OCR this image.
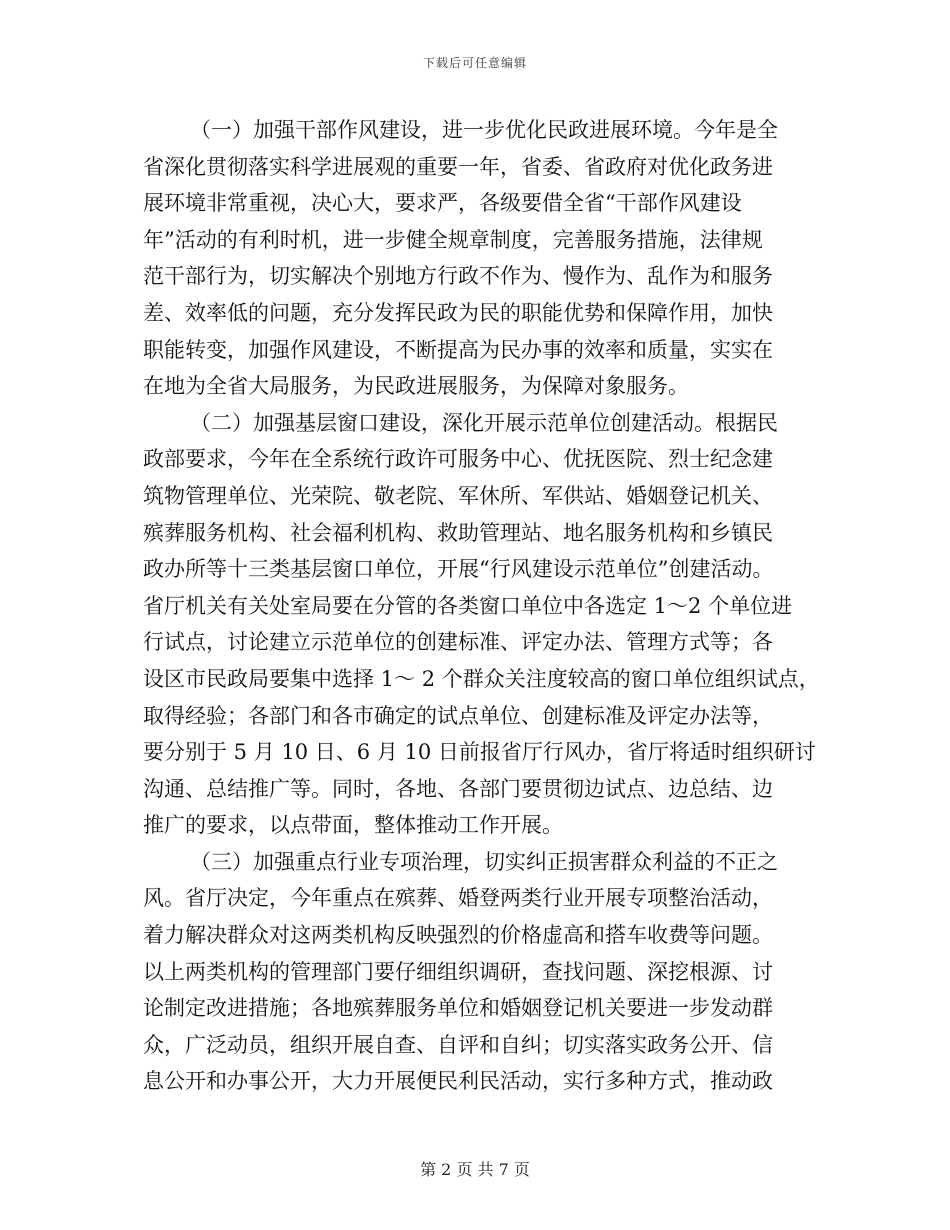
下载后可任意编辑
（一）加强干部作风建设，进一步优化民政进展环境。今年是全
省深化贯彻落实科学进展观的重要一年，省委、省政府对优化政务进
展环境非常重视，决心大，要求严，各级要借全省“干部作风建设
年”活动的有利时机，进一步健全规章制度，完善服务措施，法律规
范干部行为，切实解决个别地方行政不作为、慢作为、乱作为和服务
差、效率低的问题，充分发挥民政为民的职能优势和保障作用，加快
职能转变，加强作风建设，不断提高为民办事的效率和质量，实实在
在地为全省大局服务，为民政进展服务，为保障对象服务。
（二）加强基层窗口建设，深化开展示范单位创建活动。根据民
政部要求，今年在全系统行政许可服务中心、优抚医院、烈士纪念建
筑物管理单位、光荣院、敬老院、军休所、军供站、婚姻登记机关、
殡葬服务机构、社会福利机构、救助管理站、地名服务机构和乡镇民
政办所等十三类基层窗口单位，开展“行风建设示范单位”创建活动。
省厅机关有关处室局要在分管的各类窗口单位中各选定 1～2 个单位进
行试点，讨论建立示范单位的创建标准、评定办法、管理方式等；各
设区市民政局要集中选择 1～ 2 个群众关注度较高的窗口单位组织试点，
取得经验；各部门和各市确定的试点单位、创建标准及评定办法等，
要分别于 5 月 10 日、6 月 10 日前报省厅行风办，省厅将适时组织研讨
沟通、总结推广等。同时，各地、各部门要贯彻边试点、边总结、边
推广的要求，以点带面，整体推动工作开展。
（三）加强重点行业专项治理，切实纠正损害群众利益的不正之
风。省厅决定，今年重点在殡葬、婚登两类行业开展专项整治活动，
着力解决群众对这两类机构反映强烈的价格虚高和搭车收费等问题。
以上两类机构的管理部门要仔细组织调研，查找问题、深挖根源、讨
论制定改进措施；各地殡葬服务单位和婚姻登记机关要进一步发动群
众，广泛动员，组织开展自查、自评和自纠；切实落实政务公开、信
息公开和办事公开，大力开展便民利民活动，实行多种方式，推动政
第 2 页 共 7 页
